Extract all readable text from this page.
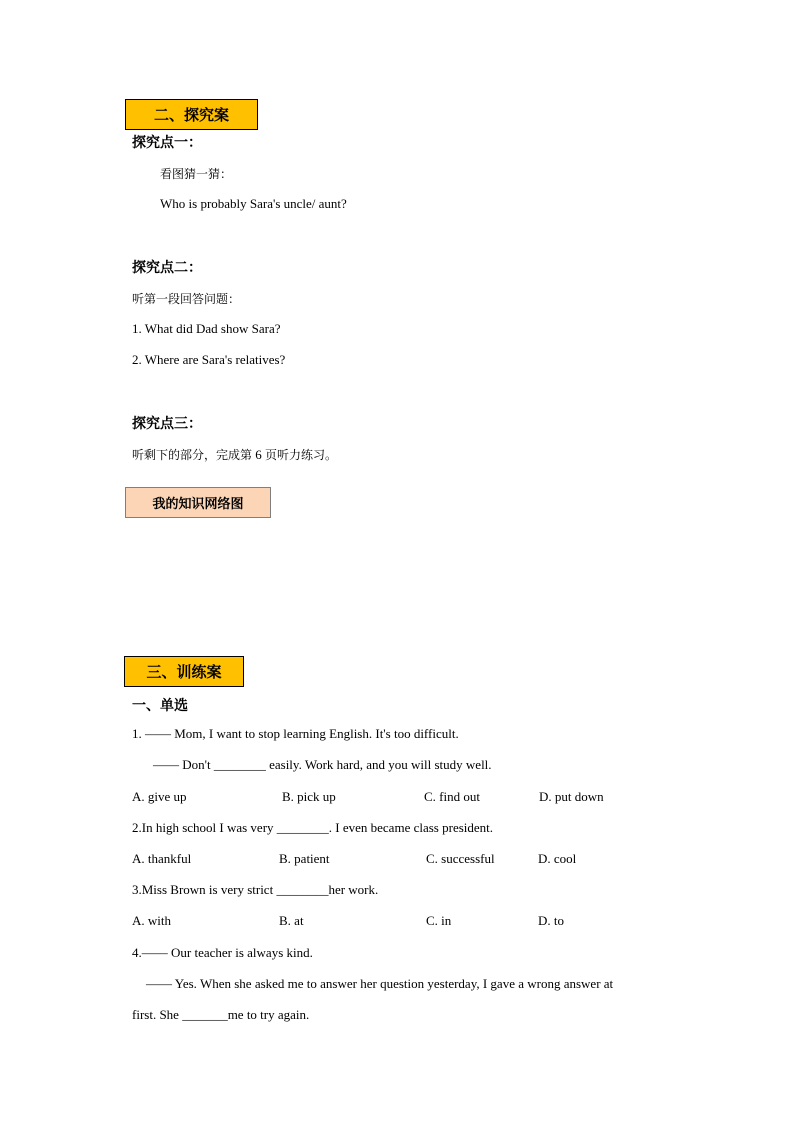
二、探究案
探究点一：
看图猜一猜：
Who is probably Sara's uncle/ aunt?
探究点二：
听第一段回答问题：
1. What did Dad show Sara?
2. Where are Sara's relatives?
探究点三：
听剩下的部分，完成第 6 页听力练习。
我的知识网络图
三、训练案
一、单选
1. —— Mom, I want to stop learning English. It's too difficult.
—— Don't ________ easily. Work hard, and you will study well.
A. give up	B. pick up	C. find out	D. put down
2.In high school I was very ________. I even became class president.
A. thankful	B. patient	C. successful	D. cool
3.Miss Brown is very strict ________her work.
A. with	B. at	C. in	D. to
4.—— Our teacher is always kind.
—— Yes. When she asked me to answer her question yesterday, I gave a wrong answer at
first. She _______me to try again.
